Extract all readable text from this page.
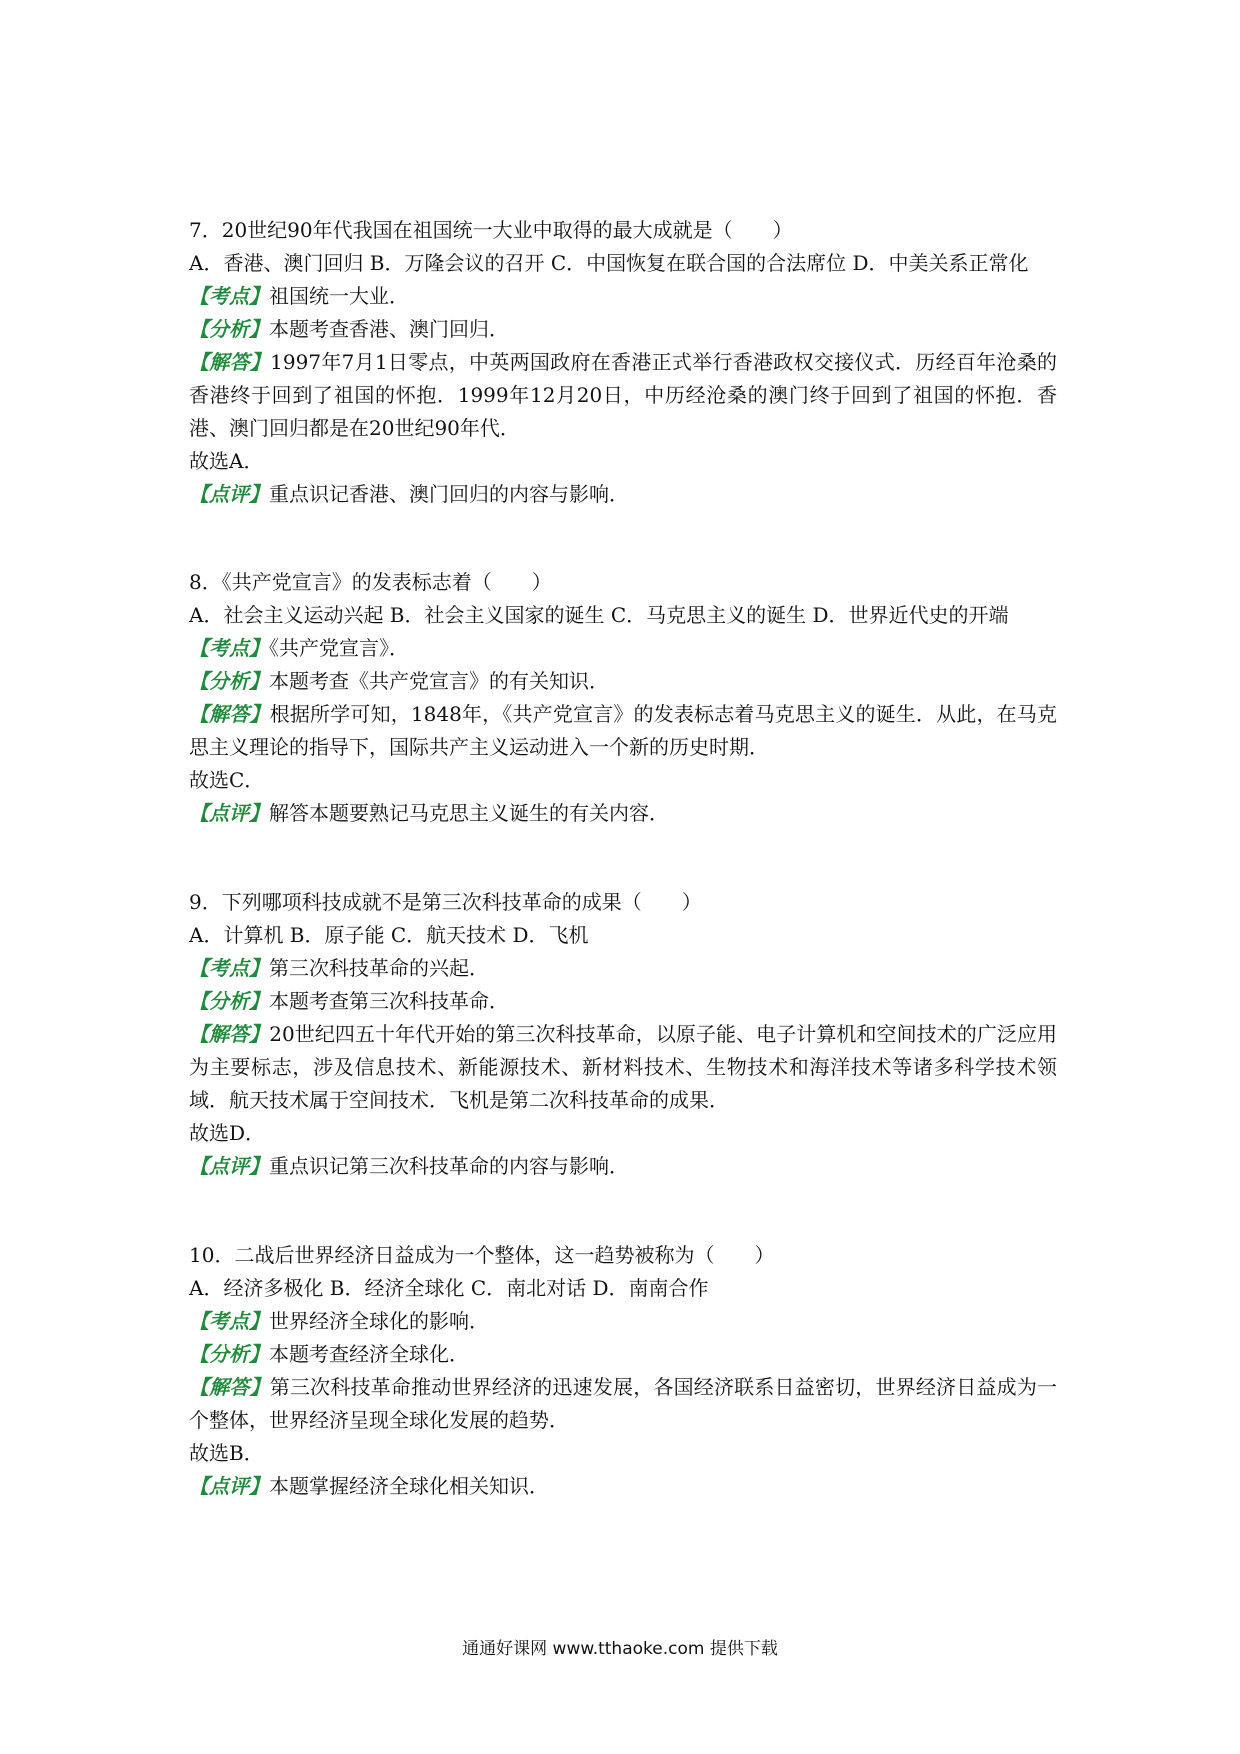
7．20世纪90年代我国在祖国统一大业中取得的最大成就是（　　）

A．香港、澳门回归 B．万隆会议的召开 C．中国恢复在联合国的合法席位 D．中美关系正常化

【考点】祖国统一大业．

【分析】本题考查香港、澳门回归．

【解答】1997年7月1日零点，中英两国政府在香港正式举行香港政权交接仪式．历经百年沧桑的香港终于回到了祖国的怀抱．1999年12月20日，中历经沧桑的澳门终于回到了祖国的怀抱．香港、澳门回归都是在20世纪90年代．

故选A．

【点评】重点识记香港、澳门回归的内容与影响．

8．《共产党宣言》的发表标志着（　　）

A．社会主义运动兴起 B．社会主义国家的诞生 C．马克思主义的诞生 D．世界近代史的开端

【考点】《共产党宣言》．

【分析】本题考查《共产党宣言》的有关知识．

【解答】根据所学可知，1848年，《共产党宣言》的发表标志着马克思主义的诞生．从此，在马克思主义理论的指导下，国际共产主义运动进入一个新的历史时期．

故选C．

【点评】解答本题要熟记马克思主义诞生的有关内容．

9．下列哪项科技成就不是第三次科技革命的成果（　　）

A．计算机 B．原子能 C．航天技术 D．飞机

【考点】第三次科技革命的兴起．

【分析】本题考查第三次科技革命．

【解答】20世纪四五十年代开始的第三次科技革命，以原子能、电子计算机和空间技术的广泛应用为主要标志，涉及信息技术、新能源技术、新材料技术、生物技术和海洋技术等诸多科学技术领域．航天技术属于空间技术．飞机是第二次科技革命的成果．

故选D．

【点评】重点识记第三次科技革命的内容与影响．

10．二战后世界经济日益成为一个整体，这一趋势被称为（　　）

A．经济多极化 B．经济全球化 C．南北对话 D．南南合作

【考点】世界经济全球化的影响．

【分析】本题考查经济全球化．

【解答】第三次科技革命推动世界经济的迅速发展，各国经济联系日益密切，世界经济日益成为一个整体，世界经济呈现全球化发展的趋势．

故选B．

【点评】本题掌握经济全球化相关知识．

通通好课网 www.tthaoke.com 提供下载
